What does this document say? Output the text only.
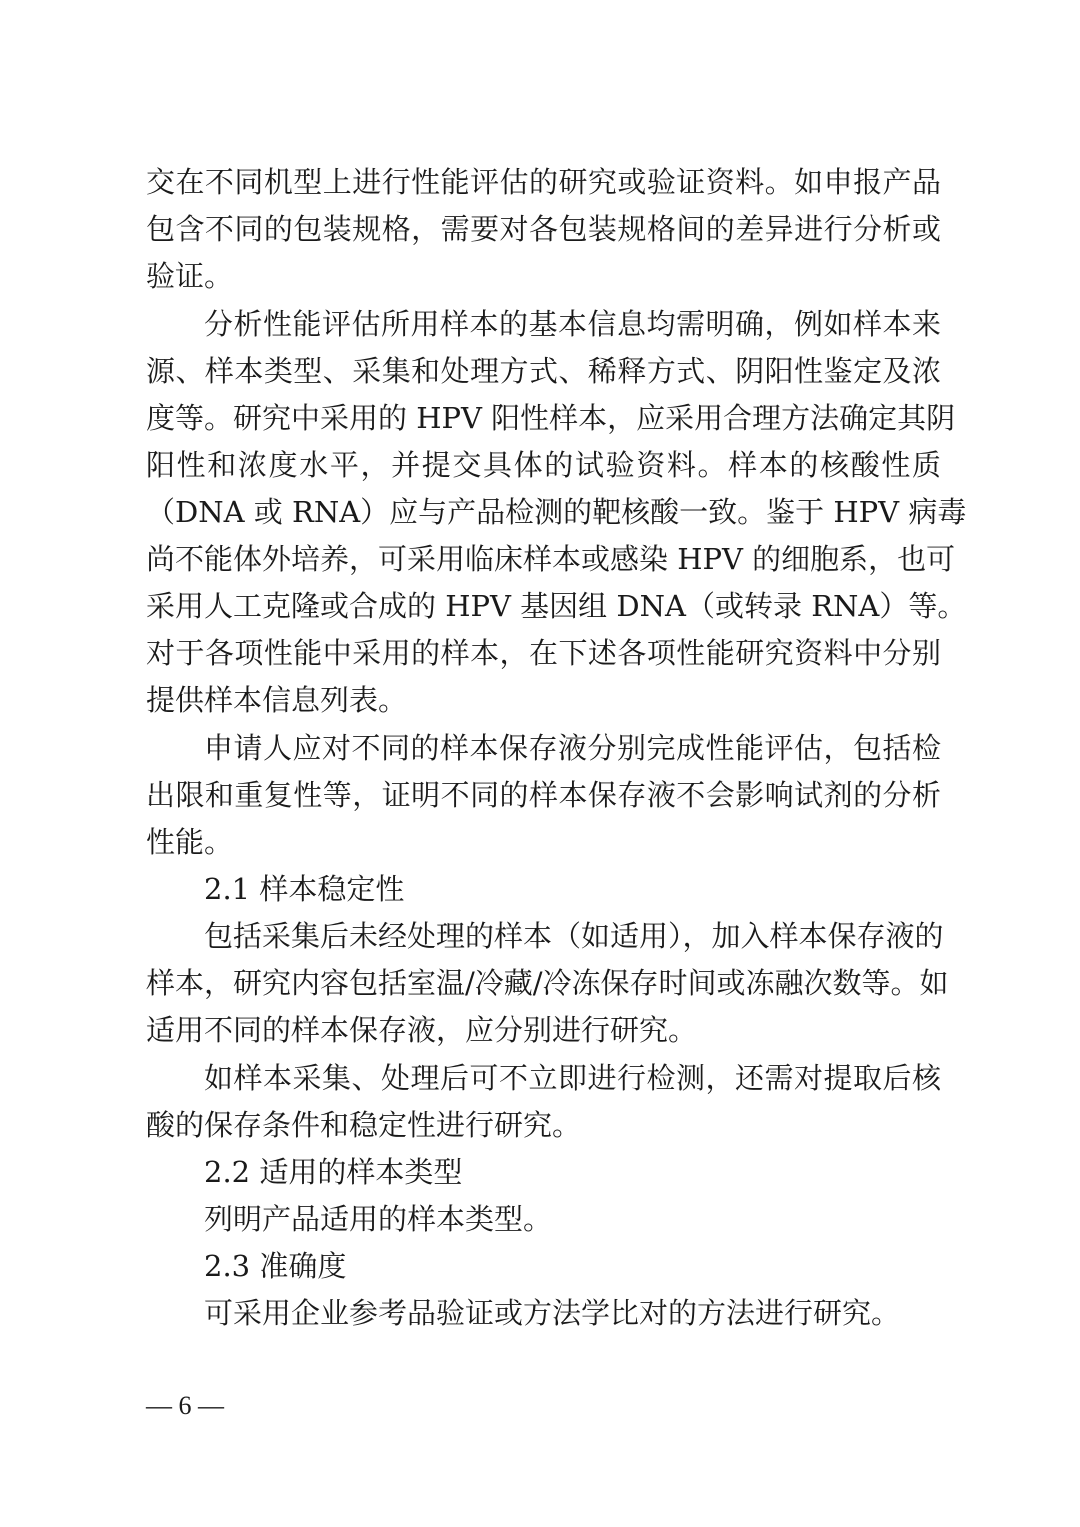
交在不同机型上进行性能评估的研究或验证资料。如申报产品
包含不同的包装规格，需要对各包装规格间的差异进行分析或
验证。
分析性能评估所用样本的基本信息均需明确，例如样本来
源、样本类型、采集和处理方式、稀释方式、阴阳性鉴定及浓
度等。研究中采用的 HPV 阳性样本，应采用合理方法确定其阴
阳性和浓度水平，并提交具体的试验资料。样本的核酸性质
（DNA 或 RNA）应与产品检测的靶核酸一致。鉴于 HPV 病毒
尚不能体外培养，可采用临床样本或感染 HPV 的细胞系，也可
采用人工克隆或合成的 HPV 基因组 DNA（或转录 RNA）等。
对于各项性能中采用的样本，在下述各项性能研究资料中分别
提供样本信息列表。
申请人应对不同的样本保存液分别完成性能评估，包括检
出限和重复性等，证明不同的样本保存液不会影响试剂的分析
性能。
2.1 样本稳定性
包括采集后未经处理的样本（如适用），加入样本保存液的
样本，研究内容包括室温/冷藏/冷冻保存时间或冻融次数等。如
适用不同的样本保存液，应分别进行研究。
如样本采集、处理后可不立即进行检测，还需对提取后核
酸的保存条件和稳定性进行研究。
2.2 适用的样本类型
列明产品适用的样本类型。
2.3 准确度
可采用企业参考品验证或方法学比对的方法进行研究。
— 6 —
